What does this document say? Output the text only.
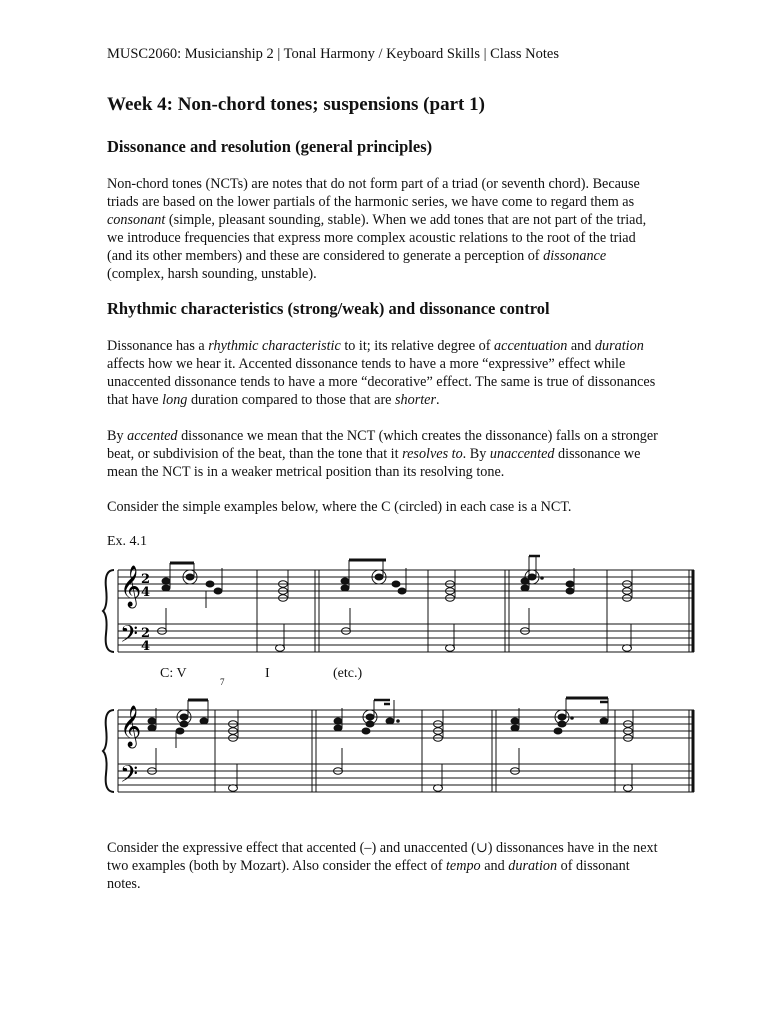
MUSC2060: Musicianship 2 | Tonal Harmony / Keyboard Skills | Class Notes
Week 4: Non-chord tones; suspensions (part 1)
Dissonance and resolution (general principles)
Non-chord tones (NCTs) are notes that do not form part of a triad (or seventh chord). Because
triads are based on the lower partials of the harmonic series, we have come to regard them as
consonant (simple, pleasant sounding, stable). When we add tones that are not part of the triad,
we introduce frequencies that express more complex acoustic relations to the root of the triad
(and its other members) and these are considered to generate a perception of dissonance
(complex, harsh sounding, unstable).
Rhythmic characteristics (strong/weak) and dissonance control
Dissonance has a rhythmic characteristic to it; its relative degree of accentuation and duration
affects how we hear it. Accented dissonance tends to have a more “expressive” effect while
unaccented dissonance tends to have a more “decorative” effect. The same is true of dissonances
that have long duration compared to those that are shorter.
By accented dissonance we mean that the NCT (which creates the dissonance) falls on a stronger
beat, or subdivision of the beat, than the tone that it resolves to. By unaccented dissonance we
mean the NCT is in a weaker metrical position than its resolving tone.
Consider the simple examples below, where the C (circled) in each case is a NCT.
Ex. 4.1
𝄞
𝄢
2
4
2
4
C: V
7
I	(etc.)
𝄞
𝄢
Consider the expressive effect that accented (–) and unaccented (∪) dissonances have in the next
two examples (both by Mozart). Also consider the effect of tempo and duration of dissonant
notes.
